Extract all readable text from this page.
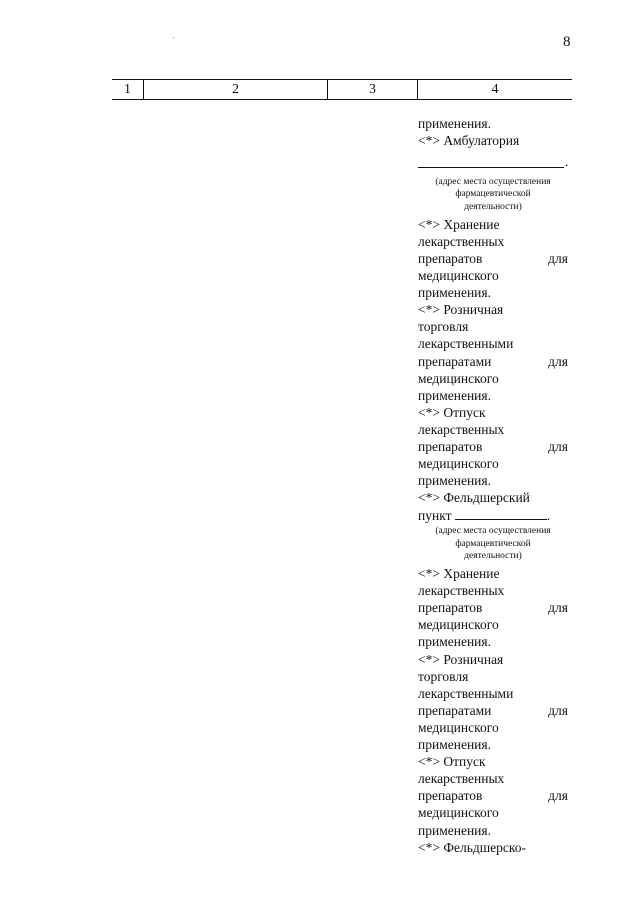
8
1	2	3	4
применения.
<*> Амбулатория
.
(адрес места осуществления
фармацевтической
деятельности)
<*> Хранение
лекарственных
препаратов	для
медицинского
применения.
<*> Розничная
торговля
лекарственными
препаратами	для
медицинского
применения.
<*> Отпуск
лекарственных
препаратов	для
медицинского
применения.
<*> Фельдшерский
пункт	.
(адрес места осуществления
фармацевтической
деятельности)
<*> Хранение
лекарственных
препаратов	для
медицинского
применения.
<*> Розничная
торговля
лекарственными
препаратами	для
медицинского
применения.
<*> Отпуск
лекарственных
препаратов	для
медицинского
применения.
<*> Фельдшерско-
